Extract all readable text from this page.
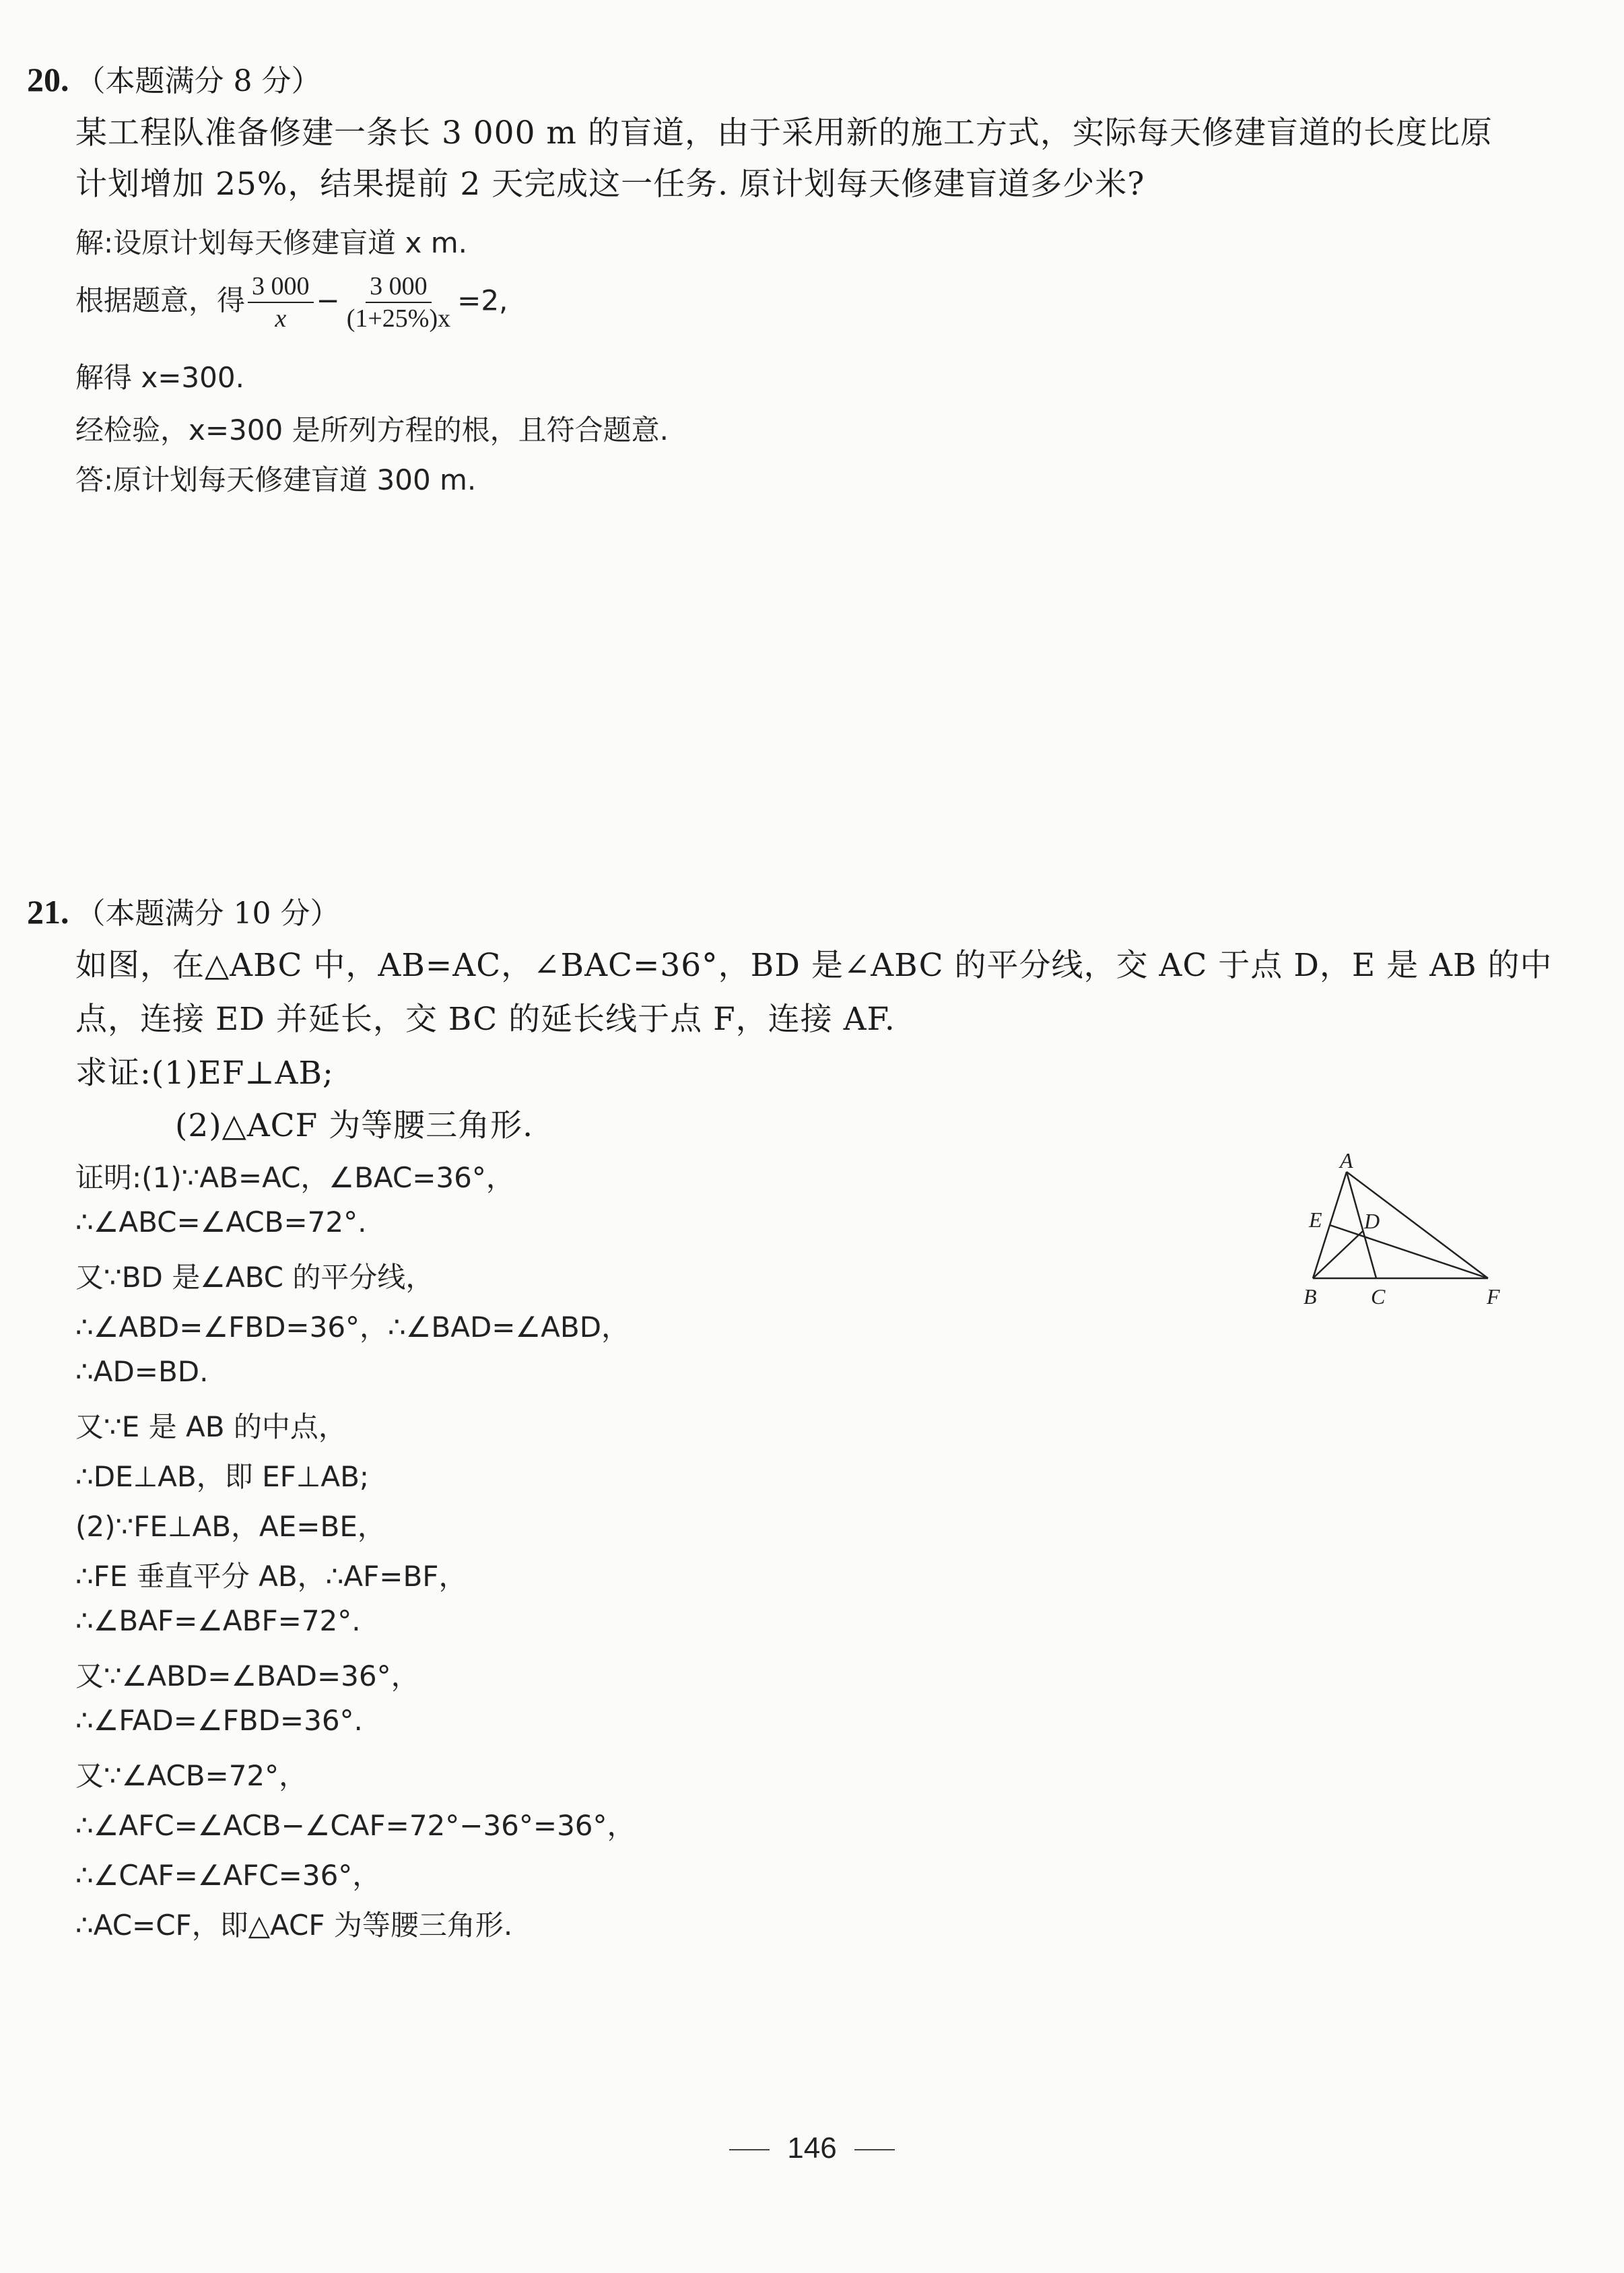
20. （本题满分 8 分）
某工程队准备修建一条长 3 000 m 的盲道，由于采用新的施工方式，实际每天修建盲道的长度比原
计划增加 25%，结果提前 2 天完成这一任务. 原计划每天修建盲道多少米?
解:设原计划每天修建盲道 x m.
根据题意，得 $\frac{3 000}{x} - \frac{3 000}{(1+25\%)x} =2$,
解得 x=300.
经检验，x=300 是所列方程的根，且符合题意.
答:原计划每天修建盲道 300 m.
21. （本题满分 10 分）
如图，在△ABC 中，AB=AC，∠BAC=36°，BD 是∠ABC 的平分线，交 AC 于点 D，E 是 AB 的中
点，连接 ED 并延长，交 BC 的延长线于点 F，连接 AF.
求证:(1)EF⊥AB;
(2)△ACF 为等腰三角形.
证明:(1)∵AB=AC，∠BAC=36°，
∴∠ABC=∠ACB=72°.
又∵BD 是∠ABC 的平分线，
∴∠ABD=∠FBD=36°，∴∠BAD=∠ABD，
∴AD=BD.
又∵E 是 AB 的中点，
∴DE⊥AB，即 EF⊥AB;
(2)∵FE⊥AB，AE=BE，
∴FE 垂直平分 AB，∴AF=BF，
∴∠BAF=∠ABF=72°.
又∵∠ABD=∠BAD=36°，
∴∠FAD=∠FBD=36°.
又∵∠ACB=72°，
∴∠AFC=∠ACB−∠CAF=72°−36°=36°，
∴∠CAF=∠AFC=36°，
∴AC=CF，即△ACF 为等腰三角形.
A
B	C
D
E
F
146
